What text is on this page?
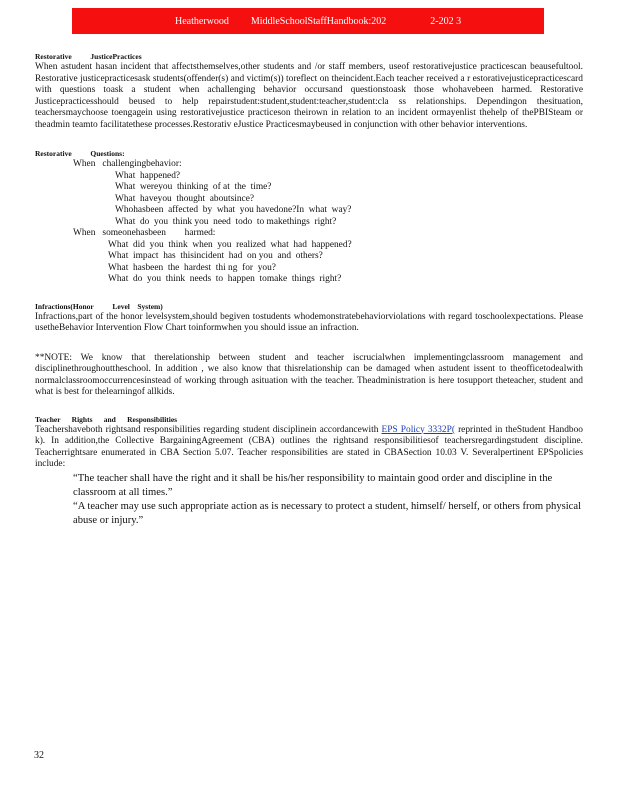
Heatherwood MiddleSchoolStaffHandbook:202	2-202 3

Restorative          JusticePractices

When astudent hasan incident that affectsthemselves,other students and /or staff members, useof restorativejustice practicescan beausefultool. Restorative justicepracticesask students(offender(s) and victim(s)) toreflect on theincident.Each teacher received a r estorativejusticepracticescard with questions toask a student when achallenging behavior occursand questionstoask those whohavebeen harmed. Restorative Justicepracticesshould beused to help repairstudent:student,student:teacher,student:cla ss relationships. Dependingon thesituation, teachersmaychoose toengagein using restorativejustice practiceson theirown in relation to an incident ormayenlist thehelp of thePBISteam or theadmin teamto facilitatethese processes.Restorativ eJustice Practicesmaybeused in conjunction with other behavior interventions.

Restorative          Questions:

When   challengingbehavior:

What  happened?
What  wereyou  thinking  of at  the  time?
What  haveyou  thought  aboutsince?
Whohasbeen  affected  by  what  you havedone?In  what  way?
What  do  you  think you  need  todo  to makethings  right?

When   someonehasbeen        harmed:

What  did  you  think  when  you  realized  what  had  happened?
What  impact  has  thisincident  had  on you  and  others?
What  hasbeen  the  hardest  thi ng  for  you?
What  do  you  think  needs  to  happen  tomake  things  right?

Infractions(Honor          Level    System)

Infractions,part of the honor levelsystem,should begiven tostudents whodemonstratebehaviorviolations with regard toschoolexpectations. Please usetheBehavior Intervention Flow Chart toinformwhen you should issue an infraction.

**NOTE: We know that therelationship between student and teacher iscrucialwhen implementingclassroom management and disciplinethroughouttheschool. In addition , we also know that thisrelationship can be damaged when astudent issent to theofficetodealwith normalclassroomoccurrencesinstead of working through asituation with the teacher. Theadministration is here tosupport theteacher, student and what is best for thelearningof allkids.

Teacher      Rights      and      Responsibilities

Teachershaveboth rightsand responsibilities regarding student disciplinein accordancewith EPS Policy 3332P( reprinted in theStudent Handboo k). In addition,the Collective BargainingAgreement (CBA) outlines the rightsand responsibilitiesof teachersregardingstudent discipline. Teacherrightsare enumerated in CBA Section 5.07. Teacher responsibilities are stated in CBASection 10.03 V. Severalpertinent EPSpolicies include:

“The teacher shall have the right and it shall be his/her responsibility to maintain good order and discipline in the classroom at all times.”

“A teacher may use such appropriate action as is necessary to protect a student, himself/ herself, or others from physical abuse or injury.”

32
